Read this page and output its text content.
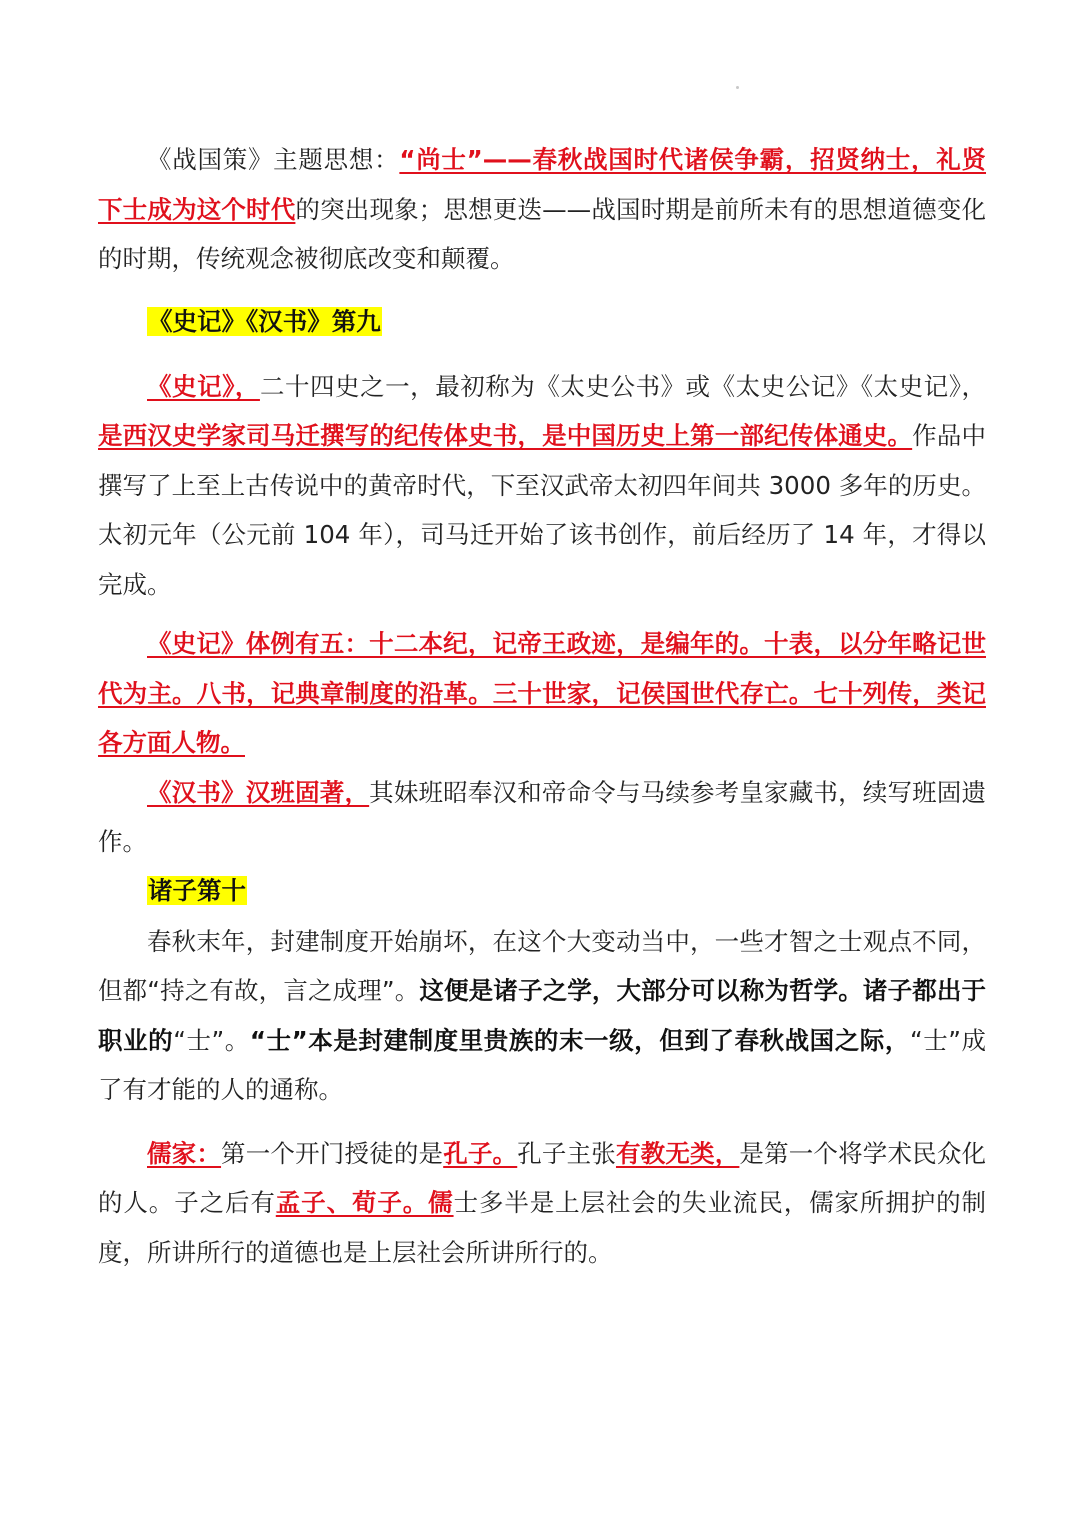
《战国策》主题思想：“尚士”——春秋战国时代诸侯争霸，招贤纳士，礼贤下士成为这个时代的突出现象；思想更迭——战国时期是前所未有的思想道德变化的时期，传统观念被彻底改变和颠覆。

《史记》《汉书》第九

《史记》，二十四史之一，最初称为《太史公书》或《太史公记》《太史记》，是西汉史学家司马迁撰写的纪传体史书，是中国历史上第一部纪传体通史。作品中撰写了上至上古传说中的黄帝时代，下至汉武帝太初四年间共 3000 多年的历史。太初元年（公元前 104 年），司马迁开始了该书创作，前后经历了 14 年，才得以完成。

《史记》体例有五：十二本纪，记帝王政迹，是编年的。十表，以分年略记世代为主。八书，记典章制度的沿革。三十世家，记侯国世代存亡。七十列传，类记各方面人物。

《汉书》汉班固著，其妹班昭奉汉和帝命令与马续参考皇家藏书，续写班固遗作。

诸子第十

春秋末年，封建制度开始崩坏，在这个大变动当中，一些才智之士观点不同，但都“持之有故，言之成理”。这便是诸子之学，大部分可以称为哲学。诸子都出于职业的“士”。“士”本是封建制度里贵族的末一级，但到了春秋战国之际，“士”成了有才能的人的通称。

儒家：第一个开门授徒的是孔子。孔子主张有教无类，是第一个将学术民众化的人。子之后有孟子、荀子。儒士多半是上层社会的失业流民，儒家所拥护的制度，所讲所行的道德也是上层社会所讲所行的。
